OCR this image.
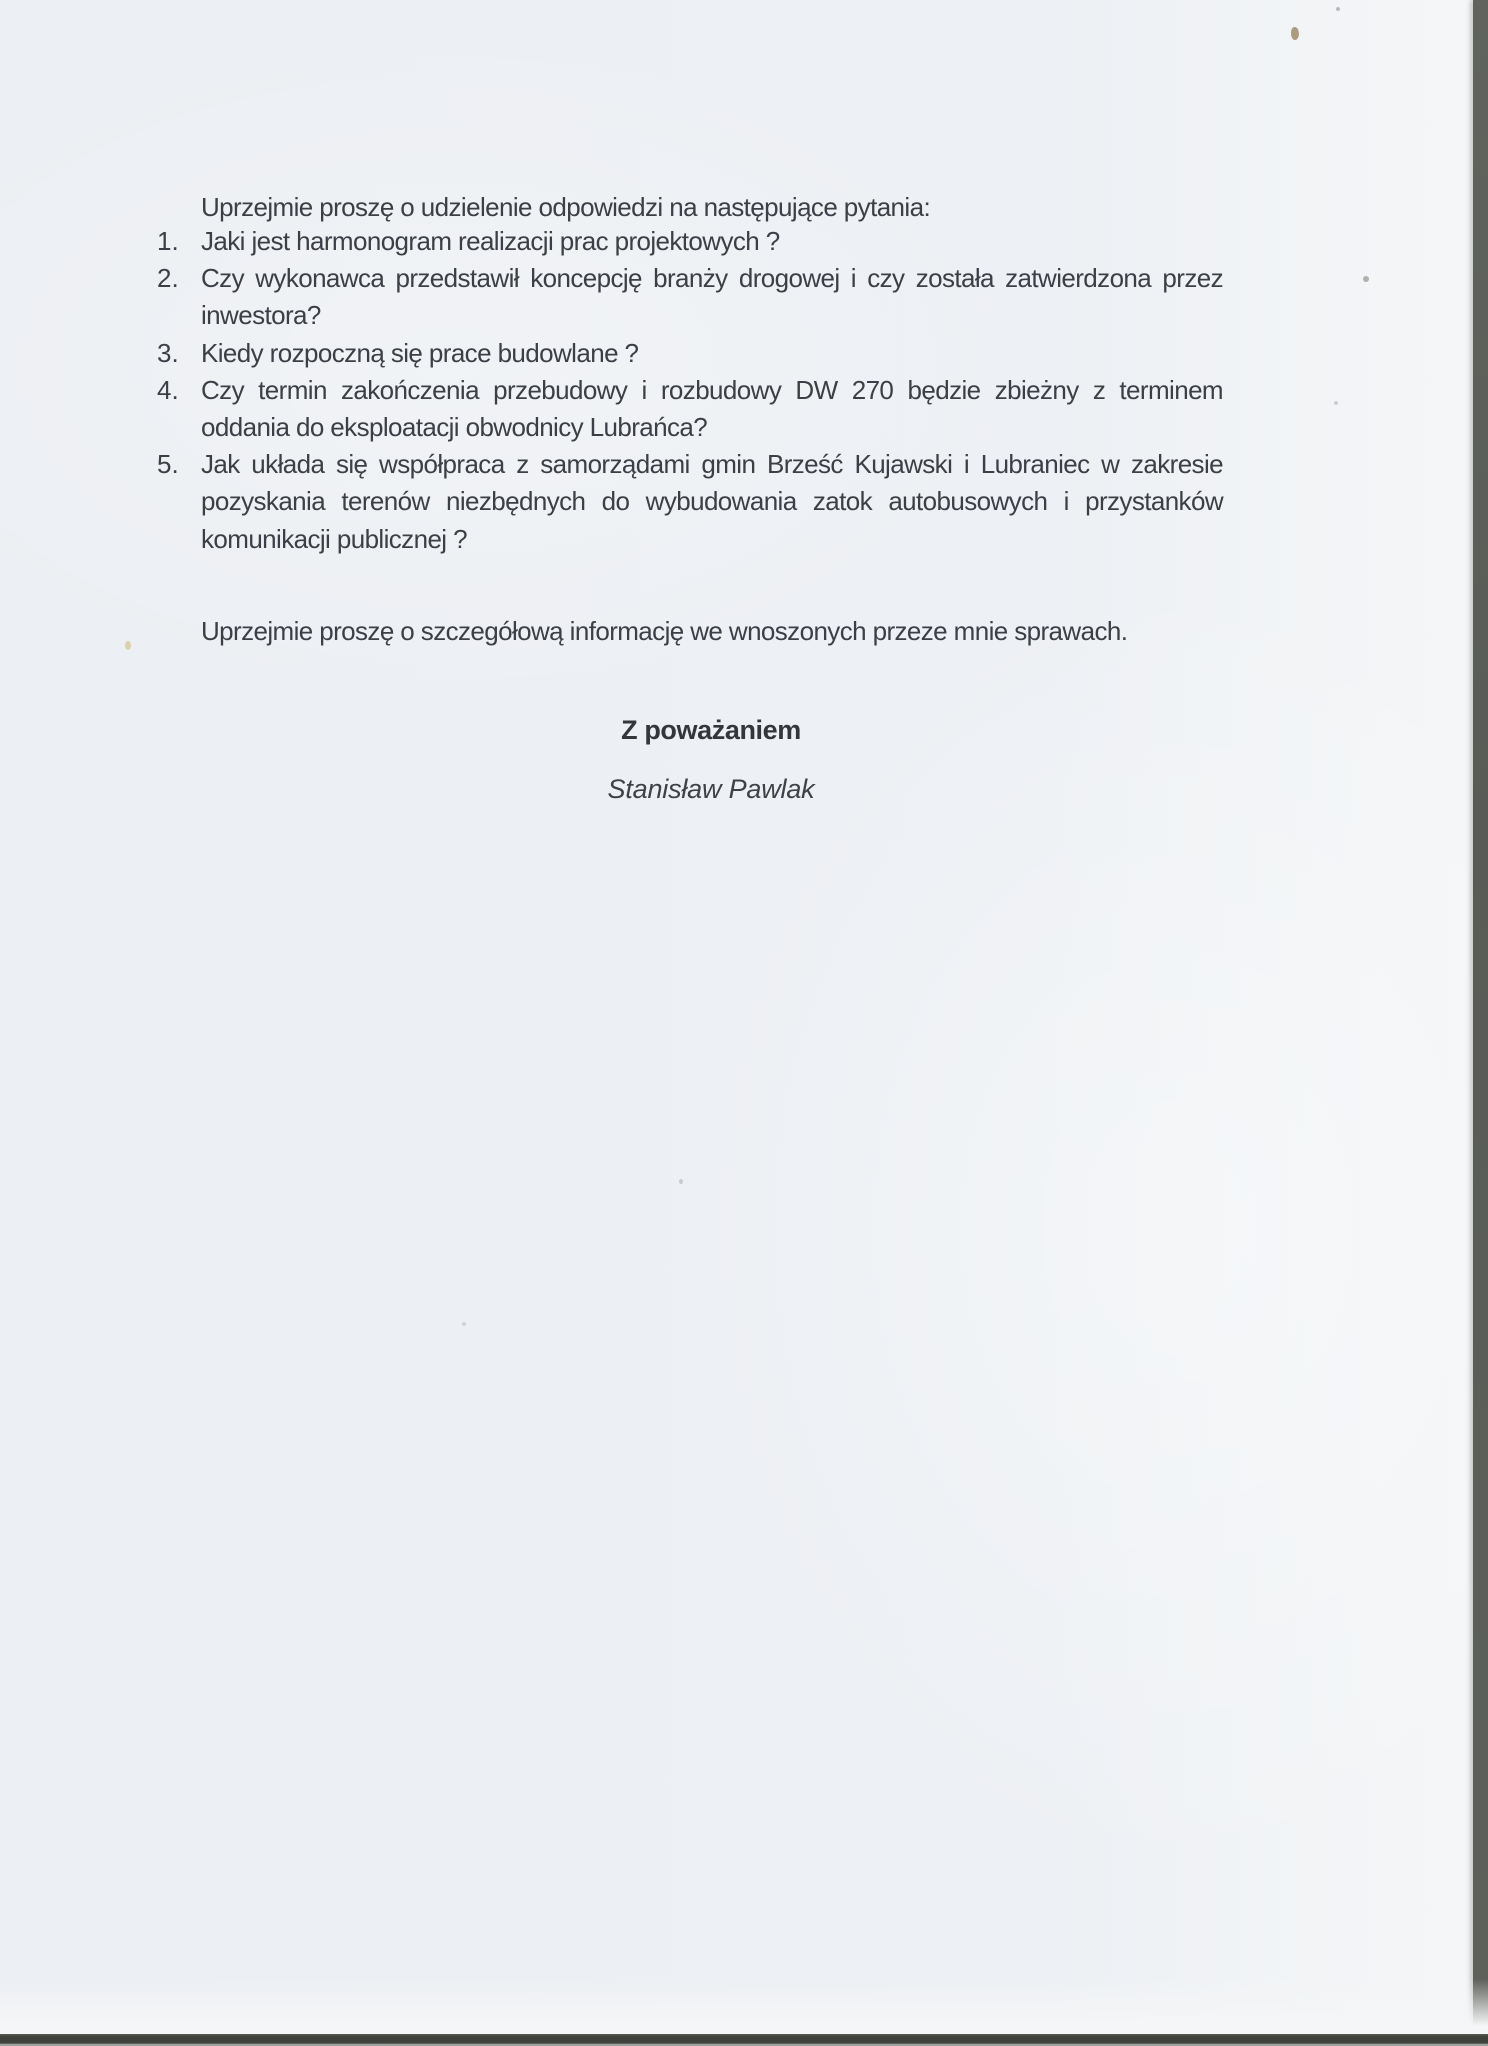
Uprzejmie proszę o udzielenie odpowiedzi na następujące pytania:

Jaki jest harmonogram realizacji prac projektowych ?
Czy wykonawca przedstawił koncepcję branży drogowej i czy została zatwierdzona przez inwestora?
Kiedy rozpoczną się prace budowlane ?
Czy termin zakończenia przebudowy i rozbudowy DW 270 będzie zbieżny z terminem oddania do eksploatacji obwodnicy Lubrańca?
Jak układa się współpraca z samorządami gmin Brześć Kujawski i Lubraniec w zakresie pozyskania terenów niezbędnych do wybudowania zatok autobusowych i przystanków komunikacji publicznej ?

Uprzejmie proszę o szczegółową informację we wnoszonych przeze mnie sprawach.

Z poważaniem
Stanisław Pawlak
